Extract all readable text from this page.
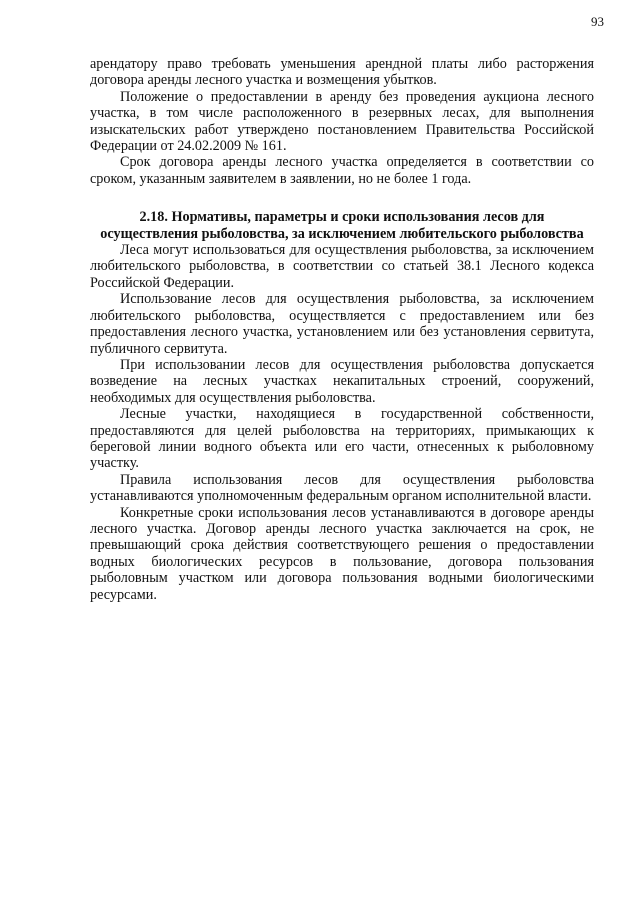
93

арендатору право требовать уменьшения арендной платы либо расторжения договора аренды лесного участка и возмещения убытков.

Положение о предоставлении в аренду без проведения аукциона лесного участка, в том числе расположенного в резервных лесах, для выполнения изыскательских работ утверждено постановлением Правительства Российской Федерации от 24.02.2009 № 161.

Срок договора аренды лесного участка определяется в соответствии со сроком, указанным заявителем в заявлении, но не более 1 года.

2.18. Нормативы, параметры и сроки использования лесов для осуществления рыболовства, за исключением любительского рыболовства

Леса могут использоваться для осуществления рыболовства, за исключением любительского рыболовства, в соответствии со статьей 38.1 Лесного кодекса Российской Федерации.

Использование лесов для осуществления рыболовства, за исключением любительского рыболовства, осуществляется с предоставлением или без предоставления лесного участка, установлением или без установления сервитута, публичного сервитута.

При использовании лесов для осуществления рыболовства допускается возведение на лесных участках некапитальных строений, сооружений, необходимых для осуществления рыболовства.

Лесные участки, находящиеся в государственной собственности, предоставляются для целей рыболовства на территориях, примыкающих к береговой линии водного объекта или его части, отнесенных к рыболовному участку.

Правила использования лесов для осуществления рыболовства устанавливаются уполномоченным федеральным органом исполнительной власти.

Конкретные сроки использования лесов устанавливаются в договоре аренды лесного участка. Договор аренды лесного участка заключается на срок, не превышающий срока действия соответствующего решения о предоставлении водных биологических ресурсов в пользование, договора пользования рыболовным участком или договора пользования водными биологическими ресурсами.
